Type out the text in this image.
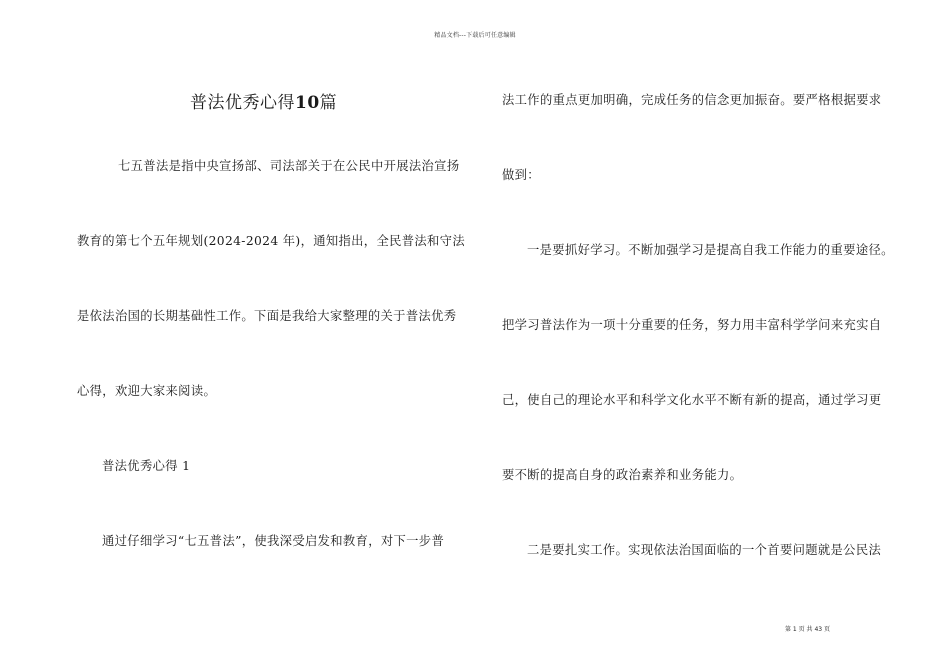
精品文档---下载后可任意编辑
普法优秀心得10篇
七五普法是指中央宣扬部、司法部关于在公民中开展法治宣扬
教育的第七个五年规划(2024-2024 年)，通知指出，全民普法和守法
是依法治国的长期基础性工作。下面是我给大家整理的关于普法优秀
心得，欢迎大家来阅读。
普法优秀心得 1
通过仔细学习“七五普法”，使我深受启发和教育，对下一步普
法工作的重点更加明确，完成任务的信念更加振奋。要严格根据要求
做到：
一是要抓好学习。不断加强学习是提高自我工作能力的重要途径。
把学习普法作为一项十分重要的任务，努力用丰富科学学问来充实自
己，使自己的理论水平和科学文化水平不断有新的提高，通过学习更
要不断的提高自身的政治素养和业务能力。
二是要扎实工作。实现依法治国面临的一个首要问题就是公民法
第 1 页 共 43 页
